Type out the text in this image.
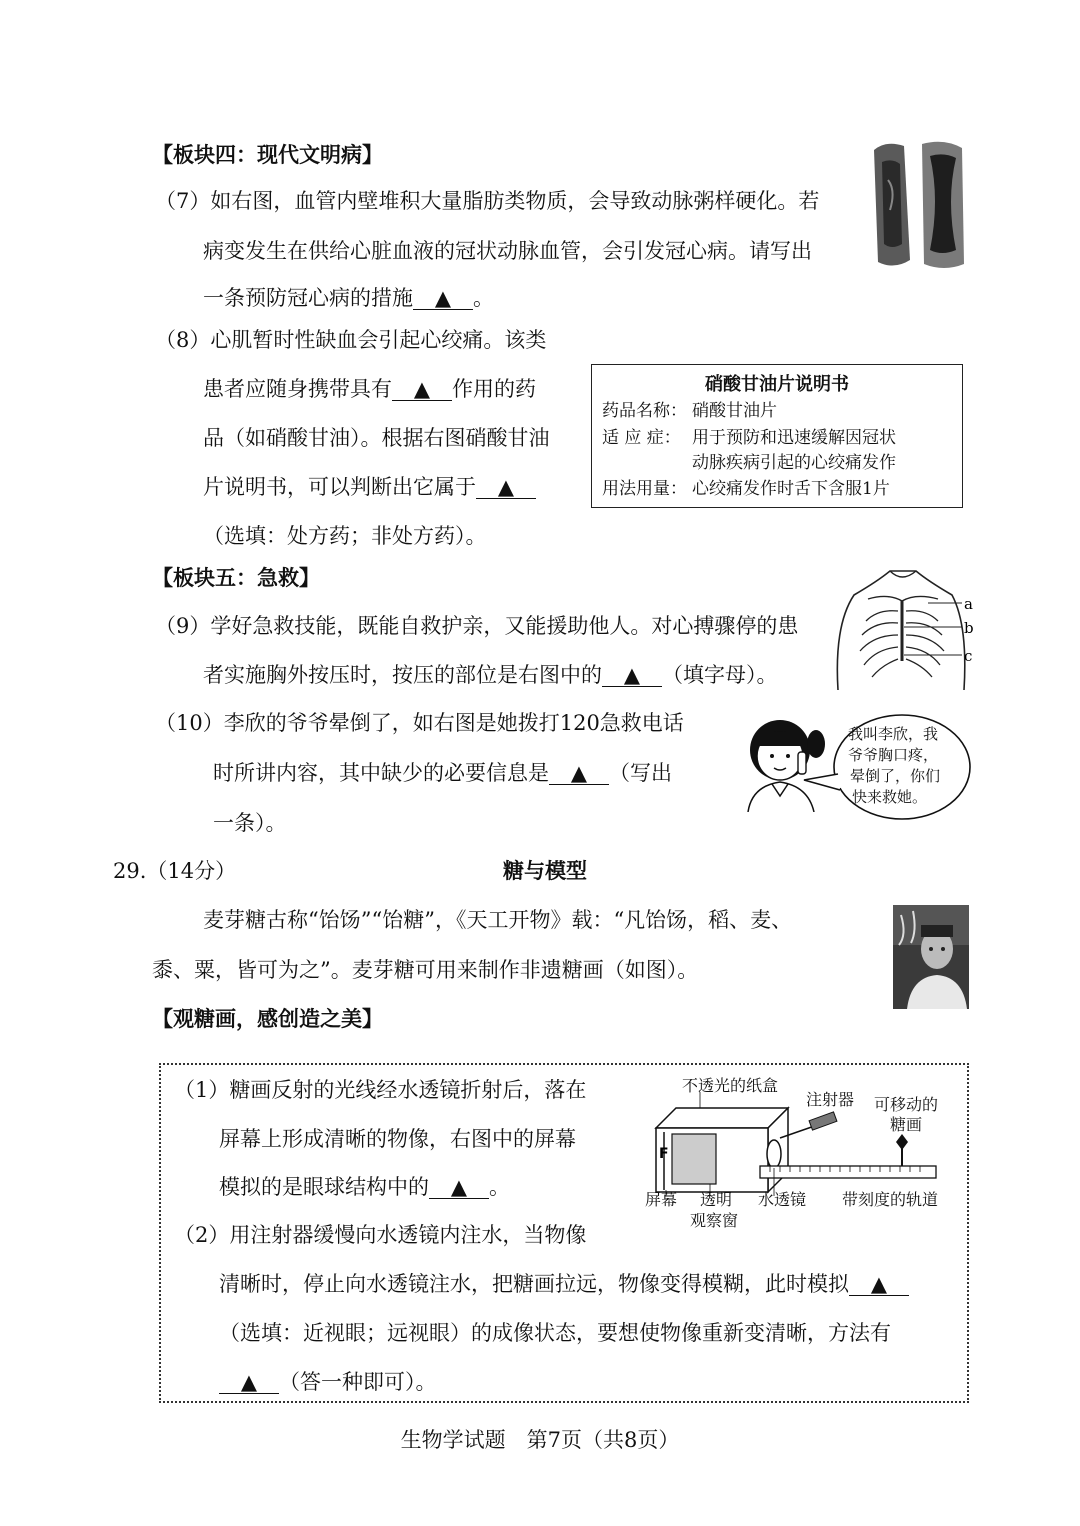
【板块四：现代文明病】
（7）如右图，血管内壁堆积大量脂肪类物质，会导致动脉粥样硬化。若
病变发生在供给心脏血液的冠状动脉血管，会引发冠心病。请写出
一条预防冠心病的措施 ▲ 。
（8）心肌暂时性缺血会引起心绞痛。该类
患者应随身携带具有 ▲ 作用的药
品（如硝酸甘油）。根据右图硝酸甘油
片说明书，可以判断出它属于 ▲
（选填：处方药；非处方药）。
硝酸甘油片说明书
药品名称： 硝酸甘油片
适 应 症： 用于预防和迅速缓解因冠状
动脉疾病引起的心绞痛发作
用法用量： 心绞痛发作时舌下含服1片
【板块五：急救】
（9）学好急救技能，既能自救护亲，又能援助他人。对心搏骤停的患
者实施胸外按压时，按压的部位是右图中的 ▲ （填字母）。
a
b
c
（10）李欣的爷爷晕倒了，如右图是她拨打120急救电话
时所讲内容，其中缺少的必要信息是 ▲ （写出
一条）。
我叫李欣，我
爷爷胸口疼，
晕倒了，你们
快来救她。
29.（14分）	糖与模型
麦芽糖古称“饴饧”“饴糖”，《天工开物》载：“凡饴饧，稻、麦、
黍、粟，皆可为之”。麦芽糖可用来制作非遗糖画（如图）。
【观糖画，感创造之美】
（1）糖画反射的光线经水透镜折射后，落在
屏幕上形成清晰的物像，右图中的屏幕
模拟的是眼球结构中的 ▲ 。
（2）用注射器缓慢向水透镜内注水，当物像
清晰时，停止向水透镜注水，把糖画拉远，物像变得模糊，此时模拟 ▲
（选填：近视眼；远视眼）的成像状态，要想使物像重新变清晰，方法有
▲ （答一种即可）。
F
不透光的纸盒
注射器 可移动的
糖画
屏幕 透明
观察窗
水透镜 带刻度的轨道
生物学试题　第7页（共8页）
